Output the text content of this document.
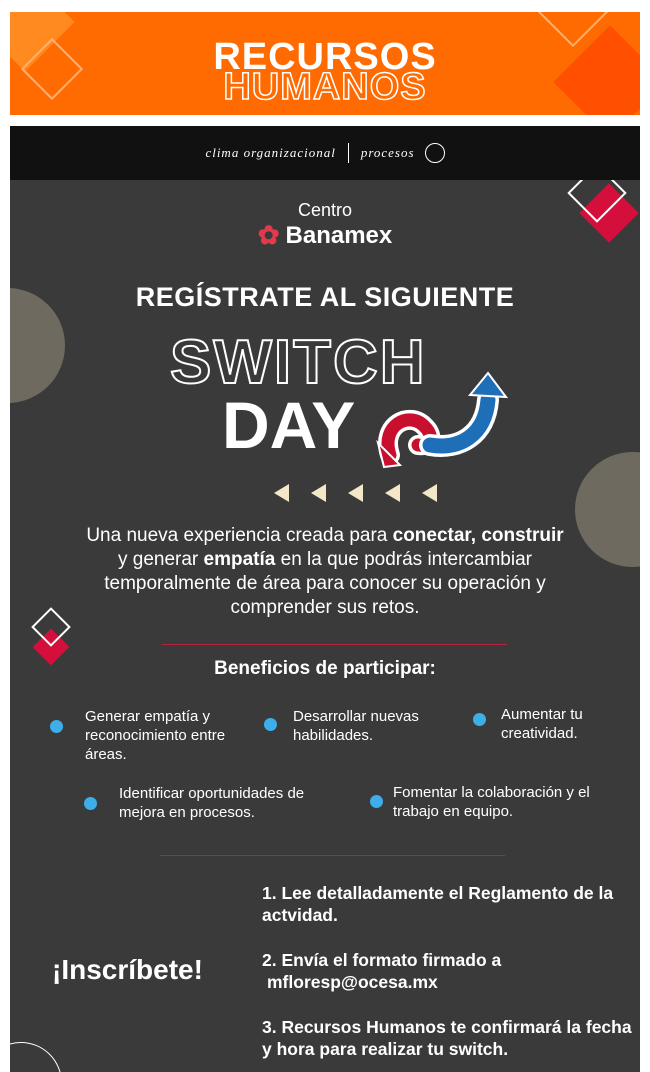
RECURSOS
HUMANOS
clima organizacional procesos
Centro
✿ Banamex
REGÍSTRATE AL SIGUIENTE
SWITCH
DAY
Una nueva experiencia creada para conectar, construir y generar empatía en la que podrás intercambiar temporalmente de área para conocer su operación y comprender sus retos.
Beneficios de participar:
Generar empatía y reconocimiento entre áreas.
Desarrollar nuevas habilidades.
Aumentar tu creatividad.
Identificar oportunidades de mejora en procesos.
Fomentar la colaboración y el trabajo en equipo.
¡Inscríbete!
1. Lee detalladamente el Reglamento de la actvidad.
2. Envía el formato firmado a
mfloresp@ocesa.mx
3. Recursos Humanos te confirmará la fecha y hora para realizar tu switch.
